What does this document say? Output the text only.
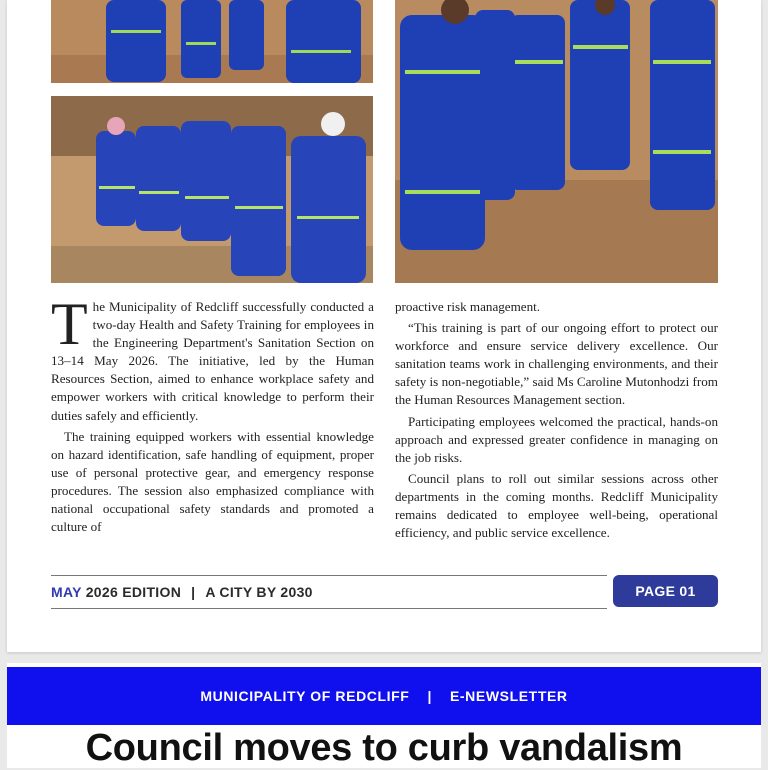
The Municipality of Redcliff successfully conducted a two-day Health and Safety Training for employees in the Engineering Department's Sanitation Section on 13–14 May 2026. The initiative, led by the Human Resources Section, aimed to enhance workplace safety and empower workers with critical knowledge to perform their duties safely and efficiently.

The training equipped workers with essential knowledge on hazard identification, safe handling of equipment, proper use of personal protective gear, and emergency response procedures. The session also emphasized compliance with national occupational safety standards and promoted a culture of

proactive risk management.

“This training is part of our ongoing effort to protect our workforce and ensure service delivery excellence. Our sanitation teams work in challenging environments, and their safety is non-negotiable,” said Ms Caroline Mutonhodzi from the Human Resources Management section.

Participating employees welcomed the practical, hands-on approach and expressed greater confidence in managing on the job risks.

Council plans to roll out similar sessions across other departments in the coming months. Redcliff Municipality remains dedicated to employee well-being, operational efficiency, and public service excellence.

MAY 2026 EDITION | A CITY BY 2030	PAGE 01
MUNICIPALITY OF REDCLIFF | E-NEWSLETTER
Council moves to curb vandalism
